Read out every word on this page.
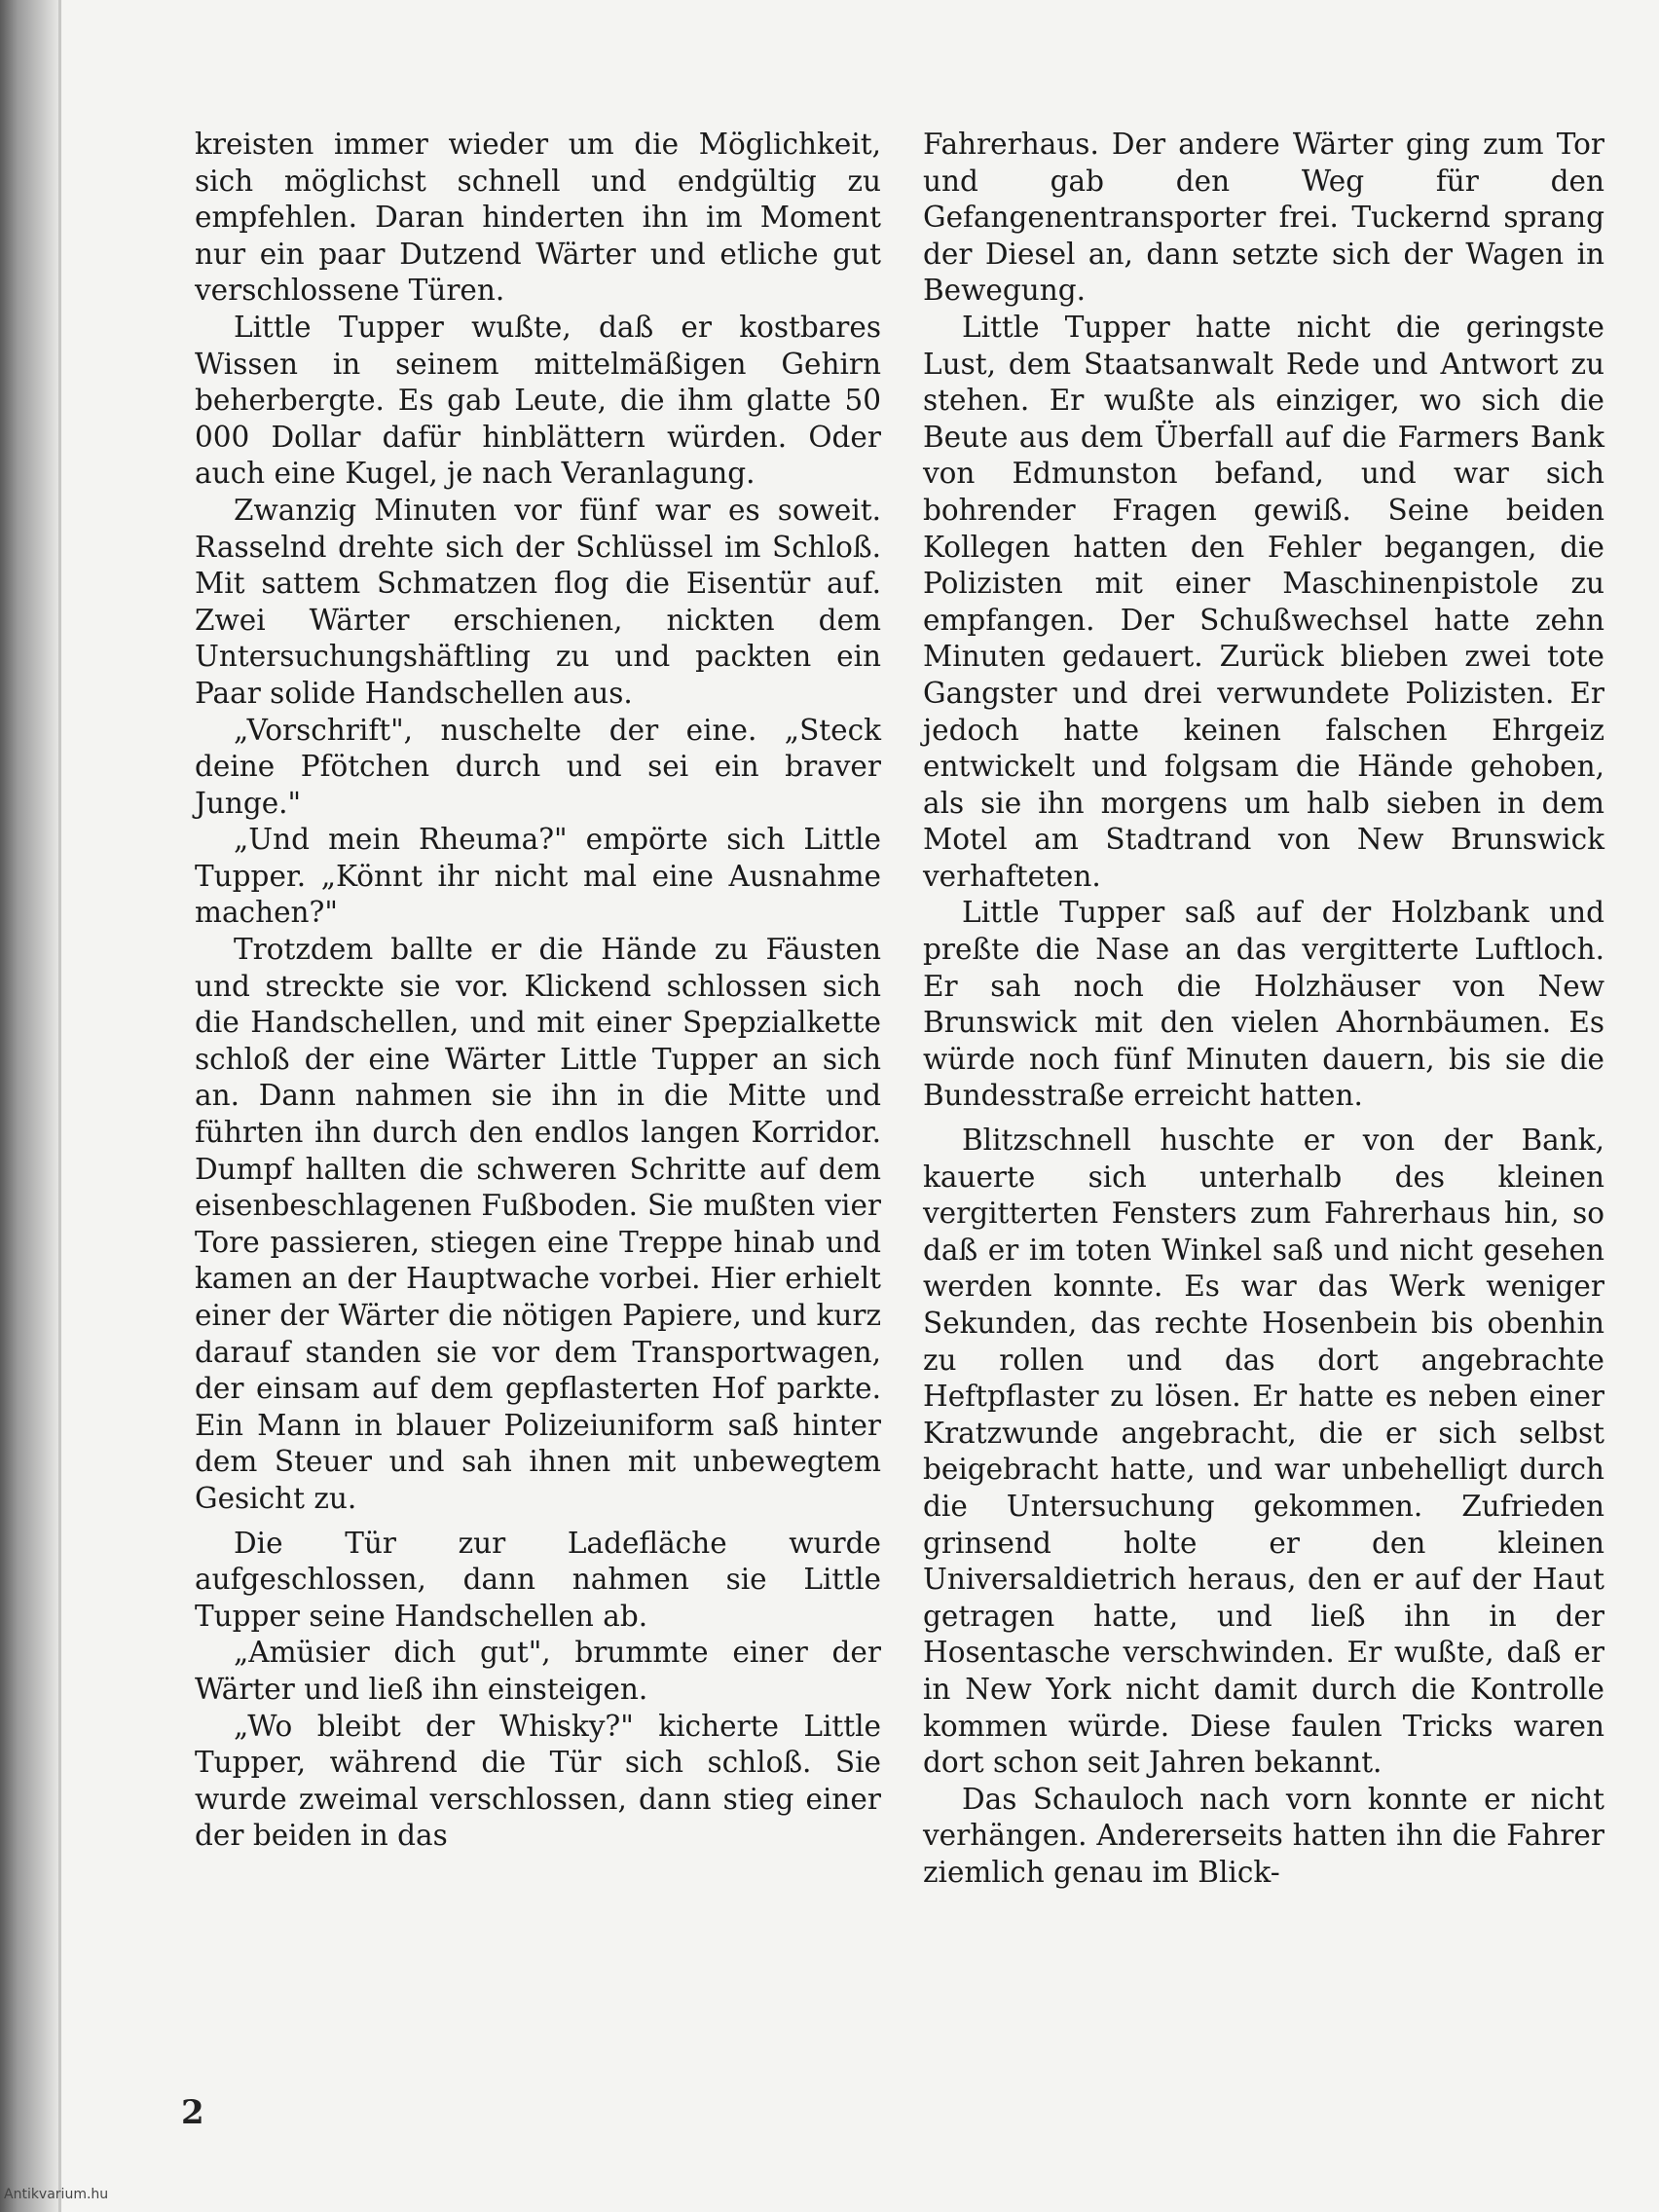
kreisten immer wieder um die Möglichkeit, sich möglichst schnell und endgültig zu empfehlen. Daran hinderten ihn im Moment nur ein paar Dutzend Wärter und etliche gut verschlossene Türen.

Little Tupper wußte, daß er kostbares Wissen in seinem mittelmäßigen Gehirn beherbergte. Es gab Leute, die ihm glatte 50 000 Dollar dafür hinblättern würden. Oder auch eine Kugel, je nach Veranlagung.

Zwanzig Minuten vor fünf war es soweit. Rasselnd drehte sich der Schlüssel im Schloß. Mit sattem Schmatzen flog die Eisentür auf. Zwei Wärter erschienen, nickten dem Untersuchungshäftling zu und packten ein Paar solide Handschellen aus.

„Vorschrift", nuschelte der eine. „Steck deine Pfötchen durch und sei ein braver Junge."

„Und mein Rheuma?" empörte sich Little Tupper. „Könnt ihr nicht mal eine Ausnahme machen?"

Trotzdem ballte er die Hände zu Fäusten und streckte sie vor. Klickend schlossen sich die Handschellen, und mit einer Spepzialkette schloß der eine Wärter Little Tupper an sich an. Dann nahmen sie ihn in die Mitte und führten ihn durch den endlos langen Korridor. Dumpf hallten die schweren Schritte auf dem eisenbeschlagenen Fußboden. Sie mußten vier Tore passieren, stiegen eine Treppe hinab und kamen an der Hauptwache vorbei. Hier erhielt einer der Wärter die nötigen Papiere, und kurz darauf standen sie vor dem Transportwagen, der einsam auf dem gepflasterten Hof parkte. Ein Mann in blauer Polizeiuniform saß hinter dem Steuer und sah ihnen mit unbewegtem Gesicht zu.

Die Tür zur Ladefläche wurde aufgeschlossen, dann nahmen sie Little Tupper seine Handschellen ab.

„Amüsier dich gut", brummte einer der Wärter und ließ ihn einsteigen.

„Wo bleibt der Whisky?" kicherte Little Tupper, während die Tür sich schloß. Sie wurde zweimal verschlossen, dann stieg einer der beiden in das

Fahrerhaus. Der andere Wärter ging zum Tor und gab den Weg für den Gefangenentransporter frei. Tuckernd sprang der Diesel an, dann setzte sich der Wagen in Bewegung.

Little Tupper hatte nicht die geringste Lust, dem Staatsanwalt Rede und Antwort zu stehen. Er wußte als einziger, wo sich die Beute aus dem Überfall auf die Farmers Bank von Edmunston befand, und war sich bohrender Fragen gewiß. Seine beiden Kollegen hatten den Fehler begangen, die Polizisten mit einer Maschinenpistole zu empfangen. Der Schußwechsel hatte zehn Minuten gedauert. Zurück blieben zwei tote Gangster und drei verwundete Polizisten. Er jedoch hatte keinen falschen Ehrgeiz entwickelt und folgsam die Hände gehoben, als sie ihn morgens um halb sieben in dem Motel am Stadtrand von New Brunswick verhafteten.

Little Tupper saß auf der Holzbank und preßte die Nase an das vergitterte Luftloch. Er sah noch die Holzhäuser von New Brunswick mit den vielen Ahornbäumen. Es würde noch fünf Minuten dauern, bis sie die Bundesstraße erreicht hatten.

Blitzschnell huschte er von der Bank, kauerte sich unterhalb des kleinen vergitterten Fensters zum Fahrerhaus hin, so daß er im toten Winkel saß und nicht gesehen werden konnte. Es war das Werk weniger Sekunden, das rechte Hosenbein bis obenhin zu rollen und das dort angebrachte Heftpflaster zu lösen. Er hatte es neben einer Kratzwunde angebracht, die er sich selbst beigebracht hatte, und war unbehelligt durch die Untersuchung gekommen. Zufrieden grinsend holte er den kleinen Universaldietrich heraus, den er auf der Haut getragen hatte, und ließ ihn in der Hosentasche verschwinden. Er wußte, daß er in New York nicht damit durch die Kontrolle kommen würde. Diese faulen Tricks waren dort schon seit Jahren bekannt.

Das Schauloch nach vorn konnte er nicht verhängen. Andererseits hatten ihn die Fahrer ziemlich genau im Blick-

2
Antikvarium.hu
